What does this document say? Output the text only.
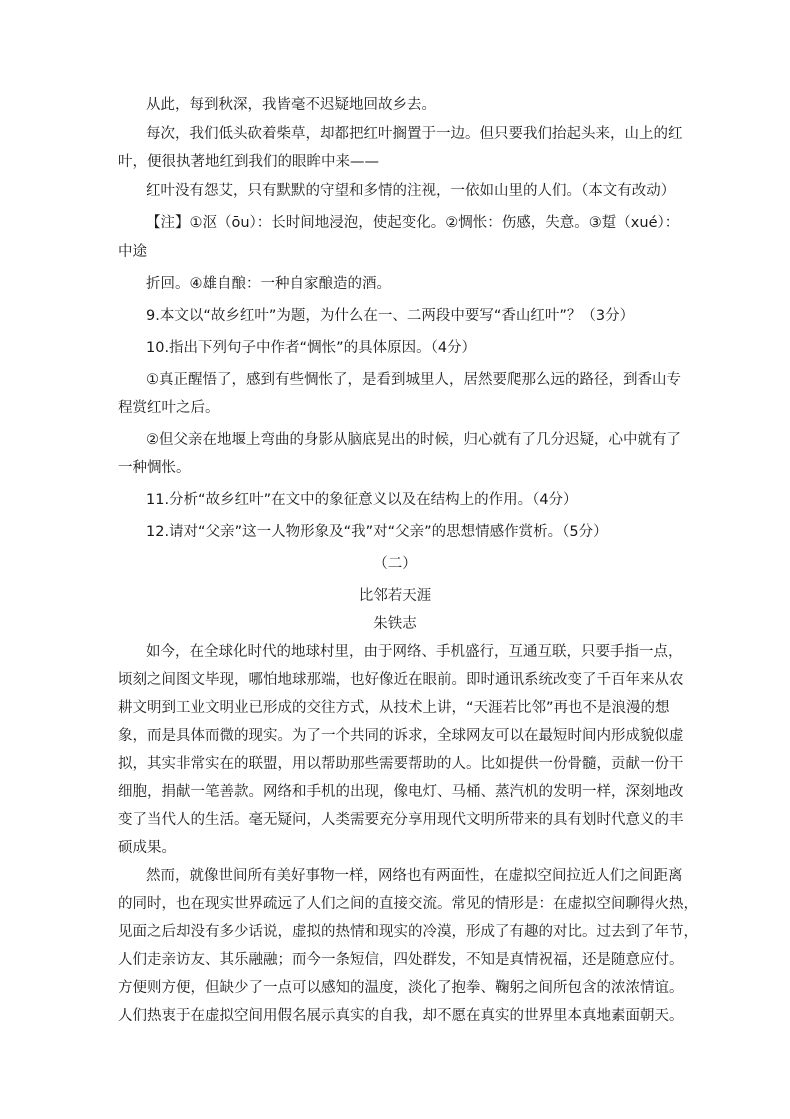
从此，每到秋深，我皆毫不迟疑地回故乡去。
每次，我们低头砍着柴草，却都把红叶搁置于一边。但只要我们抬起头来，山上的红
叶，便很执著地红到我们的眼眸中来——
红叶没有怨艾，只有默默的守望和多情的注视，一依如山里的人们。（本文有改动）
【注】①沤（ōu）：长时间地浸泡，使起变化。②惆怅：伤感，失意。③踅（xué）：
中途
折回。④雄自酿：一种自家酿造的酒。
9.本文以“故乡红叶”为题，为什么在一、二两段中要写“香山红叶”？（3分）
10.指出下列句子中作者“惆怅”的具体原因。（4分）
①真正醒悟了，感到有些惆怅了，是看到城里人，居然要爬那么远的路径，到香山专
程赏红叶之后。
②但父亲在地堰上弯曲的身影从脑底晃出的时候，归心就有了几分迟疑，心中就有了
一种惆怅。
11.分析“故乡红叶”在文中的象征意义以及在结构上的作用。（4分）
12.请对“父亲”这一人物形象及“我”对“父亲”的思想情感作赏析。（5分）
（二）
比邻若天涯
朱铁志
如今，在全球化时代的地球村里，由于网络、手机盛行，互通互联，只要手指一点，
顷刻之间图文毕现，哪怕地球那端，也好像近在眼前。即时通讯系统改变了千百年来从农
耕文明到工业文明业已形成的交往方式，从技术上讲，“天涯若比邻”再也不是浪漫的想
象，而是具体而微的现实。为了一个共同的诉求，全球网友可以在最短时间内形成貌似虚
拟，其实非常实在的联盟，用以帮助那些需要帮助的人。比如提供一份骨髓，贡献一份干
细胞，捐献一笔善款。网络和手机的出现，像电灯、马桶、蒸汽机的发明一样，深刻地改
变了当代人的生活。毫无疑问，人类需要充分享用现代文明所带来的具有划时代意义的丰
硕成果。
然而，就像世间所有美好事物一样，网络也有两面性，在虚拟空间拉近人们之间距离
的同时，也在现实世界疏远了人们之间的直接交流。常见的情形是：在虚拟空间聊得火热，
见面之后却没有多少话说，虚拟的热情和现实的冷漠，形成了有趣的对比。过去到了年节，
人们走亲访友、其乐融融；而今一条短信，四处群发，不知是真情祝福，还是随意应付。
方便则方便，但缺少了一点可以感知的温度，淡化了抱拳、鞠躬之间所包含的浓浓情谊。
人们热衷于在虚拟空间用假名展示真实的自我，却不愿在真实的世界里本真地素面朝天。
